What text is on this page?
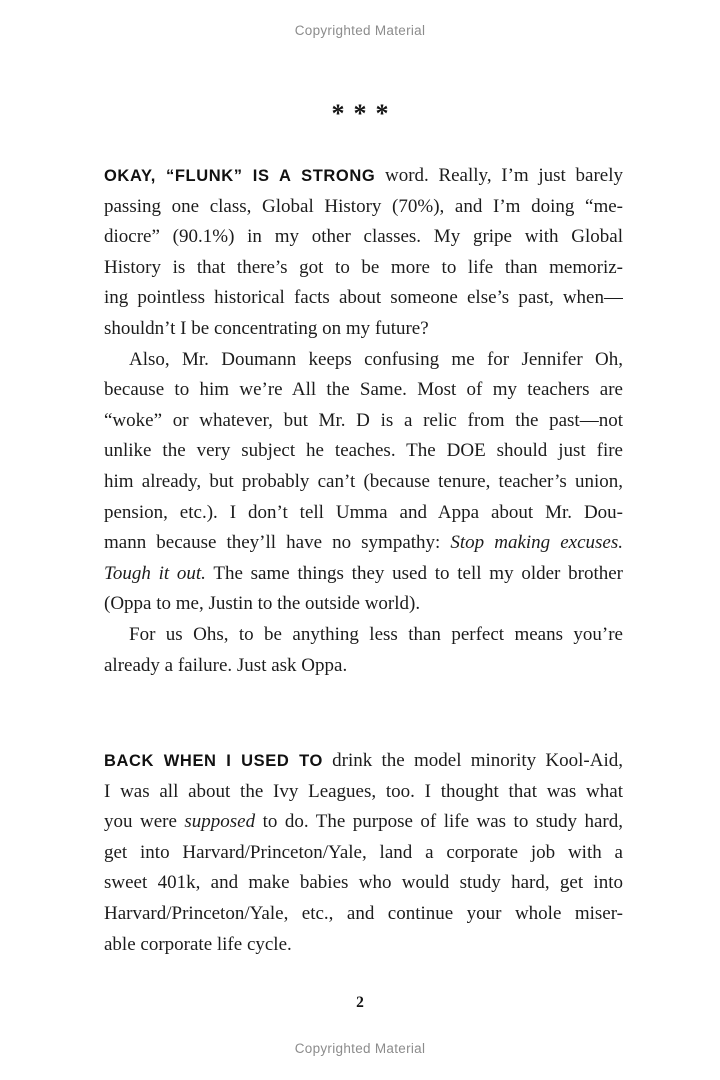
Copyrighted Material
***
OKAY, “FLUNK” IS A STRONG word. Really, I’m just barely
passing one class, Global History (70%), and I’m doing “me-
diocre” (90.1%) in my other classes. My gripe with Global
History is that there’s got to be more to life than memoriz-
ing pointless historical facts about someone else’s past, when—
shouldn’t I be concentrating on my future?
Also, Mr. Doumann keeps confusing me for Jennifer Oh,
because to him we’re All the Same. Most of my teachers are
“woke” or whatever, but Mr. D is a relic from the past—not
unlike the very subject he teaches. The DOE should just fire
him already, but probably can’t (because tenure, teacher’s union,
pension, etc.). I don’t tell Umma and Appa about Mr. Dou-
mann because they’ll have no sympathy: Stop making excuses.
Tough it out. The same things they used to tell my older brother
(Oppa to me, Justin to the outside world).
For us Ohs, to be anything less than perfect means you’re
already a failure. Just ask Oppa.
BACK WHEN I USED TO drink the model minority Kool-Aid,
I was all about the Ivy Leagues, too. I thought that was what
you were supposed to do. The purpose of life was to study hard,
get into Harvard/Princeton/Yale, land a corporate job with a
sweet 401k, and make babies who would study hard, get into
Harvard/Princeton/Yale, etc., and continue your whole miser-
able corporate life cycle.
2
Copyrighted Material
